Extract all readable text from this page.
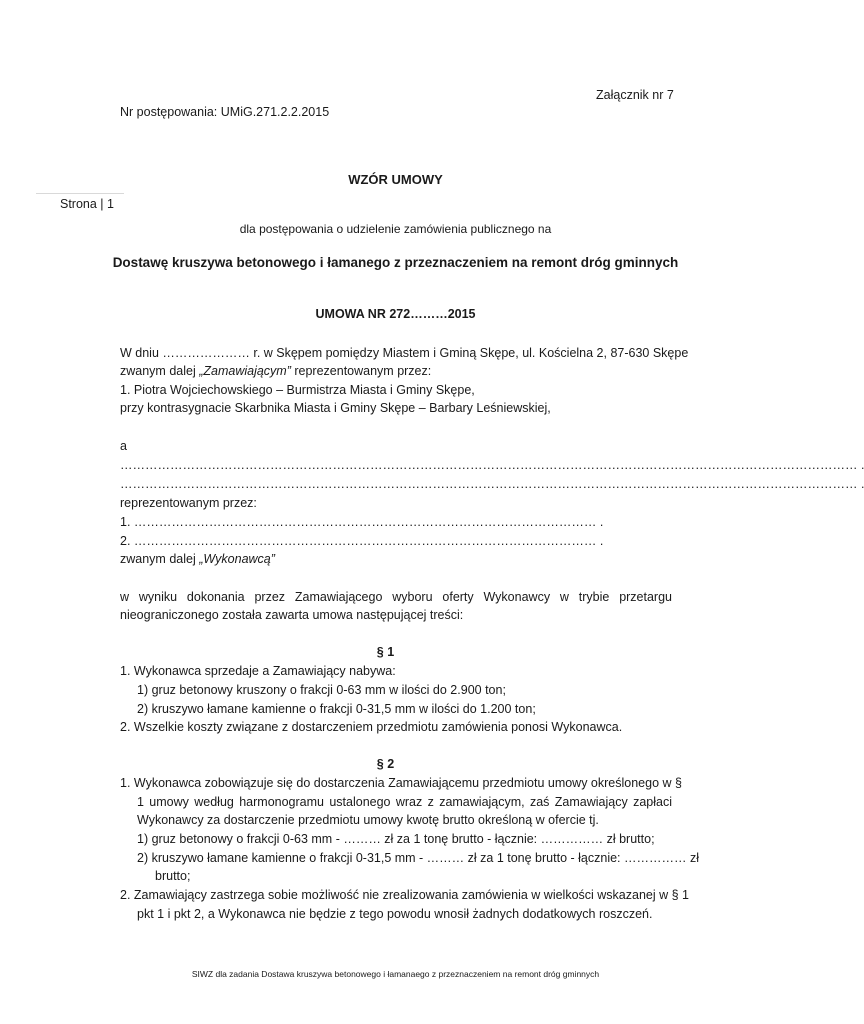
Załącznik nr 7
Nr postępowania: UMiG.271.2.2.2015
WZÓR UMOWY
Strona | 1
dla postępowania o udzielenie zamówienia publicznego na
Dostawę kruszywa betonowego i łamanego z przeznaczeniem na remont dróg gminnych
UMOWA NR 272………2015
W dniu ………………… r. w Skępem pomiędzy Miastem i Gminą Skępe, ul. Kościelna 2, 87-630 Skępe
zwanym dalej „Zamawiającym” reprezentowanym przez:
1. Piotra Wojciechowskiego – Burmistrza Miasta i Gminy Skępe,
przy kontrasygnacie Skarbnika Miasta i Gminy Skępe – Barbary Leśniewskiej,
a
…………………………………………………………………………………………………………………………………………………………… .
…………………………………………………………………………………………………………………………………………………………… .
reprezentowanym przez:
1. ………………………………………………………………………………………………… .
2. ………………………………………………………………………………………………… .
zwanym dalej „Wykonawcą”
w wyniku dokonania przez Zamawiającego wyboru oferty Wykonawcy w trybie przetargu
nieograniczonego została zawarta umowa następującej treści:
§ 1
1. Wykonawca sprzedaje a Zamawiający nabywa:
1) gruz betonowy kruszony o frakcji 0-63 mm w ilości do 2.900 ton;
2) kruszywo łamane kamienne o frakcji 0-31,5 mm w ilości do 1.200 ton;
2. Wszelkie koszty związane z dostarczeniem przedmiotu zamówienia ponosi Wykonawca.
§ 2
1. Wykonawca zobowiązuje się do dostarczenia Zamawiającemu przedmiotu umowy określonego w §
1 umowy według harmonogramu ustalonego wraz z zamawiającym, zaś Zamawiający zapłaci
Wykonawcy za dostarczenie przedmiotu umowy kwotę brutto określoną w ofercie tj.
1) gruz betonowy o frakcji 0-63 mm - ……… zł za 1 tonę brutto - łącznie: …………… zł brutto;
2) kruszywo łamane kamienne o frakcji 0-31,5 mm - ……… zł za 1 tonę brutto - łącznie: …………… zł
brutto;
2. Zamawiający zastrzega sobie możliwość nie zrealizowania zamówienia w wielkości wskazanej w § 1
pkt 1 i pkt 2, a Wykonawca nie będzie z tego powodu wnosił żadnych dodatkowych roszczeń.
SIWZ dla zadania Dostawa kruszywa betonowego i łamanaego z przeznaczeniem na remont dróg gminnych
